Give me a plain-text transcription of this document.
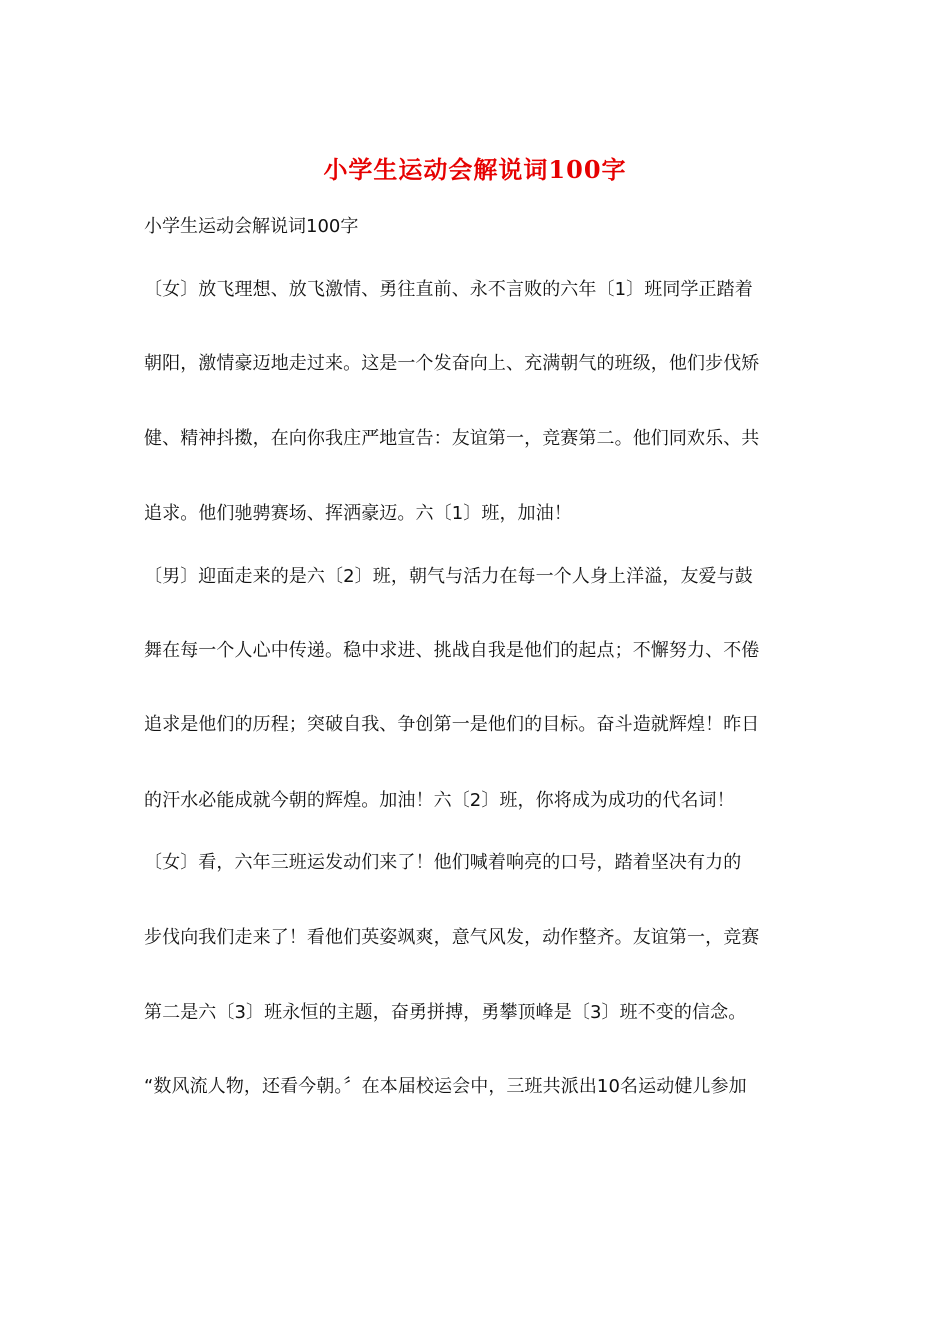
小学生运动会解说词100字
小学生运动会解说词100字
〔女〕放飞理想、放飞激情、勇往直前、永不言败的六年〔1〕班同学正踏着
朝阳，激情豪迈地走过来。这是一个发奋向上、充满朝气的班级，他们步伐矫
健、精神抖擞，在向你我庄严地宣告：友谊第一，竞赛第二。他们同欢乐、共
追求。他们驰骋赛场、挥洒豪迈。六〔1〕班，加油！
〔男〕迎面走来的是六〔2〕班，朝气与活力在每一个人身上洋溢，友爱与鼓
舞在每一个人心中传递。稳中求进、挑战自我是他们的起点；不懈努力、不倦
追求是他们的历程；突破自我、争创第一是他们的目标。奋斗造就辉煌！昨日
的汗水必能成就今朝的辉煌。加油！六〔2〕班，你将成为成功的代名词！
〔女〕看，六年三班运发动们来了！他们喊着响亮的口号，踏着坚决有力的
步伐向我们走来了！看他们英姿飒爽，意气风发，动作整齐。友谊第一，竞赛
第二是六〔3〕班永恒的主题，奋勇拼搏，勇攀顶峰是〔3〕班不变的信念。
“数风流人物，还看今朝。〞在本届校运会中，三班共派出10名运动健儿参加
